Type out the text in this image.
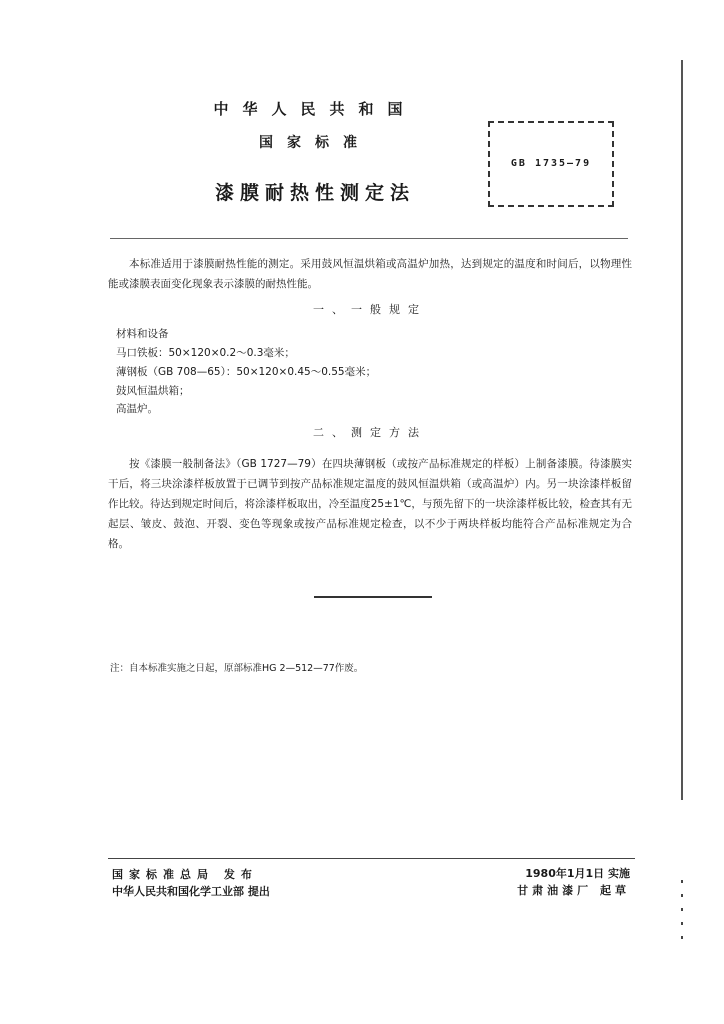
中华人民共和国
国家标准
漆膜耐热性测定法
GB 1735—79

本标准适用于漆膜耐热性能的测定。采用鼓风恒温烘箱或高温炉加热，达到规定的温度和时间后，以物理性能或漆膜表面变化现象表示漆膜的耐热性能。

一、一般规定
材料和设备
马口铁板：50×120×0.2～0.3毫米；
薄钢板（GB 708—65）：50×120×0.45～0.55毫米；
鼓风恒温烘箱；
高温炉。
二、测定方法

按《漆膜一般制备法》（GB 1727—79）在四块薄钢板（或按产品标准规定的样板）上制备漆膜。待漆膜实干后，将三块涂漆样板放置于已调节到按产品标准规定温度的鼓风恒温烘箱（或高温炉）内。另一块涂漆样板留作比较。待达到规定时间后，将涂漆样板取出，冷至温度25±1℃，与预先留下的一块涂漆样板比较，检查其有无起层、皱皮、鼓泡、开裂、变色等现象或按产品标准规定检查，以不少于两块样板均能符合产品标准规定为合格。

注：自本标准实施之日起，原部标准HG 2—512—77作废。
国家标准总局 发布
中华人民共和国化学工业部 提出
1980年1月1日 实施
甘肃油漆厂 起草
